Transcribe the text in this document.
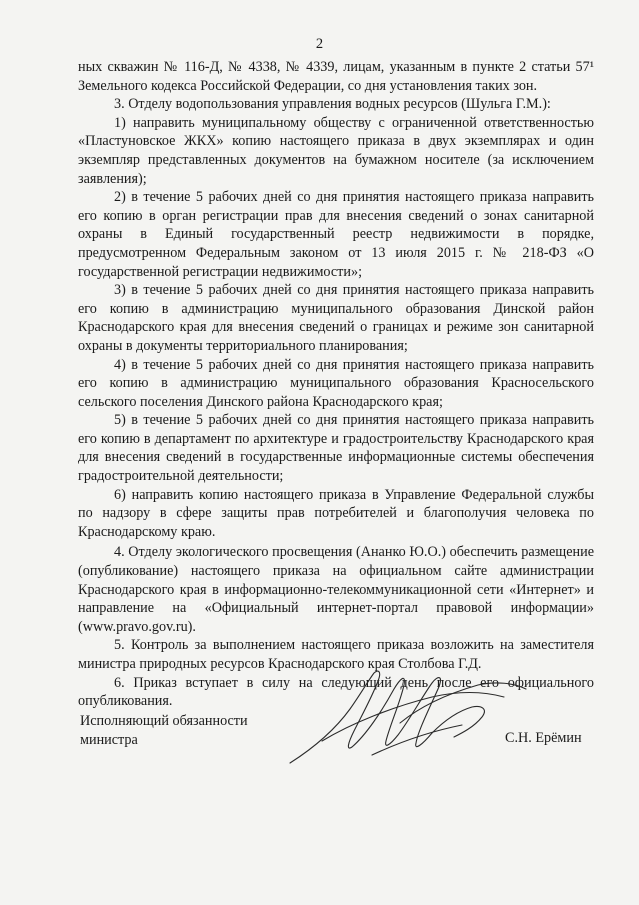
2

ных скважин № 116-Д, № 4338, № 4339, лицам, указанным в пункте 2 статьи 57¹ Земельного кодекса Российской Федерации, со дня установления таких зон.

3. Отделу водопользования управления водных ресурсов (Шульга Г.М.):

1) направить муниципальному обществу с ограниченной ответственностью «Пластуновское ЖКХ» копию настоящего приказа в двух экземплярах и один экземпляр представленных документов на бумажном носителе (за исключением заявления);

2) в течение 5 рабочих дней со дня принятия настоящего приказа направить его копию в орган регистрации прав для внесения сведений о зонах санитарной охраны в Единый государственный реестр недвижимости в порядке, предусмотренном Федеральным законом от 13 июля 2015 г. № 218-ФЗ «О государственной регистрации недвижимости»;

3) в течение 5 рабочих дней со дня принятия настоящего приказа направить его копию в администрацию муниципального образования Динской район Краснодарского края для внесения сведений о границах и режиме зон санитарной охраны в документы территориального планирования;

4) в течение 5 рабочих дней со дня принятия настоящего приказа направить его копию в администрацию муниципального образования Красносельского сельского поселения Динского района Краснодарского края;

5) в течение 5 рабочих дней со дня принятия настоящего приказа направить его копию в департамент по архитектуре и градостроительству Краснодарского края для внесения сведений в государственные информационные системы обеспечения градостроительной деятельности;

6) направить копию настоящего приказа в Управление Федеральной службы по надзору в сфере защиты прав потребителей и благополучия человека по Краснодарскому краю.

4. Отделу экологического просвещения (Ананко Ю.О.) обеспечить размещение (опубликование) настоящего приказа на официальном сайте администрации Краснодарского края в информационно-телекоммуникационной сети «Интернет» и направление на «Официальный интернет-портал правовой информации» (www.pravo.gov.ru).

5. Контроль за выполнением настоящего приказа возложить на заместителя министра природных ресурсов Краснодарского края Столбова Г.Д.

6. Приказ вступает в силу на следующий день после его официального опубликования.

Исполняющий обязанности
министра	С.Н. Ерёмин
